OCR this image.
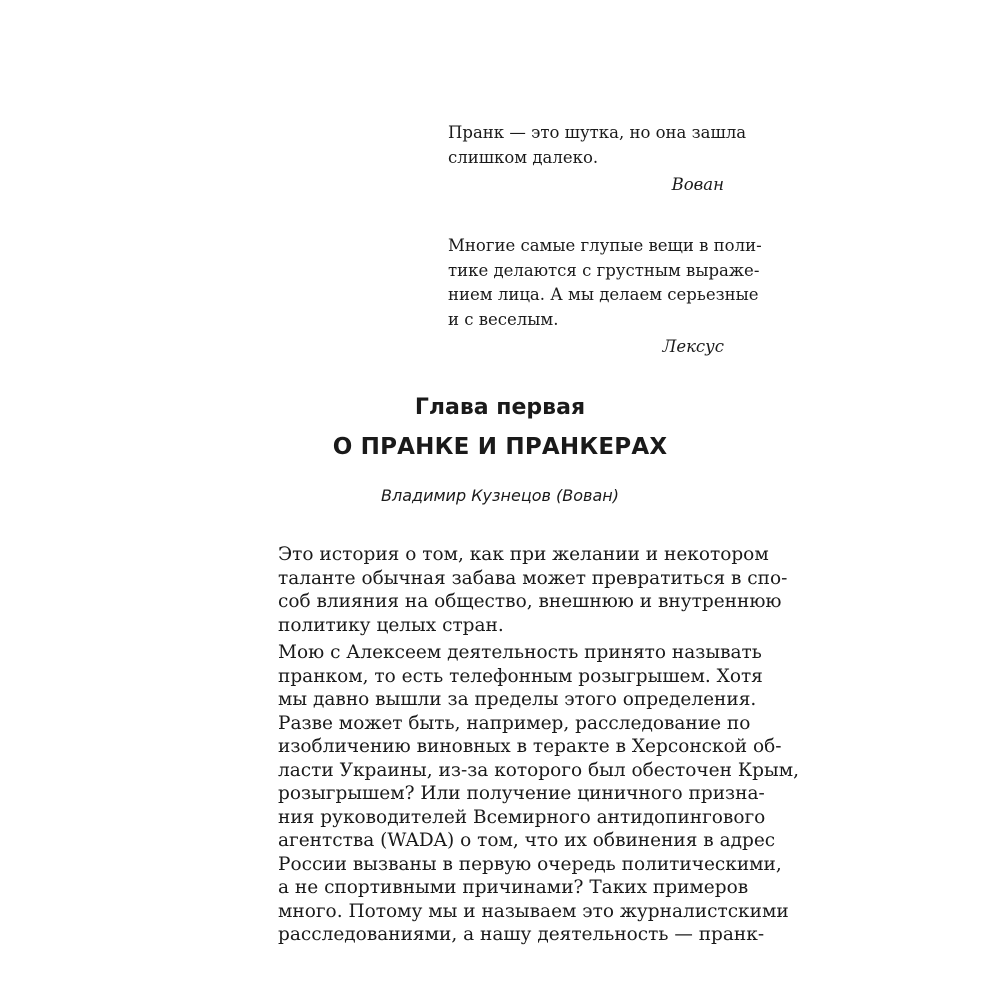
Пранк — это шутка, но она зашла
слишком далеко.
Вован
Многие самые глупые вещи в поли-
тике делаются с грустным выраже-
нием лица. А мы делаем серьезные
и с веселым.
Лексус
Глава первая
О ПРАНКЕ И ПРАНКЕРАХ
Владимир Кузнецов (Вован)
Это история о том, как при желании и некотором
таланте обычная забава может превратиться в спо-
соб влияния на общество, внешнюю и внутреннюю
политику целых стран.
Мою с Алексеем деятельность принято называть
пранком, то есть телефонным розыгрышем. Хотя
мы давно вышли за пределы этого определения.
Разве может быть, например, расследование по
изобличению виновных в теракте в Херсонской об-
ласти Украины, из-за которого был обесточен Крым,
розыгрышем? Или получение циничного призна-
ния руководителей Всемирного антидопингового
агентства (WADA) о том, что их обвинения в адрес
России вызваны в первую очередь политическими,
а не спортивными причинами? Таких примеров
много. Потому мы и называем это журналистскими
расследованиями, а нашу деятельность — пранк-
